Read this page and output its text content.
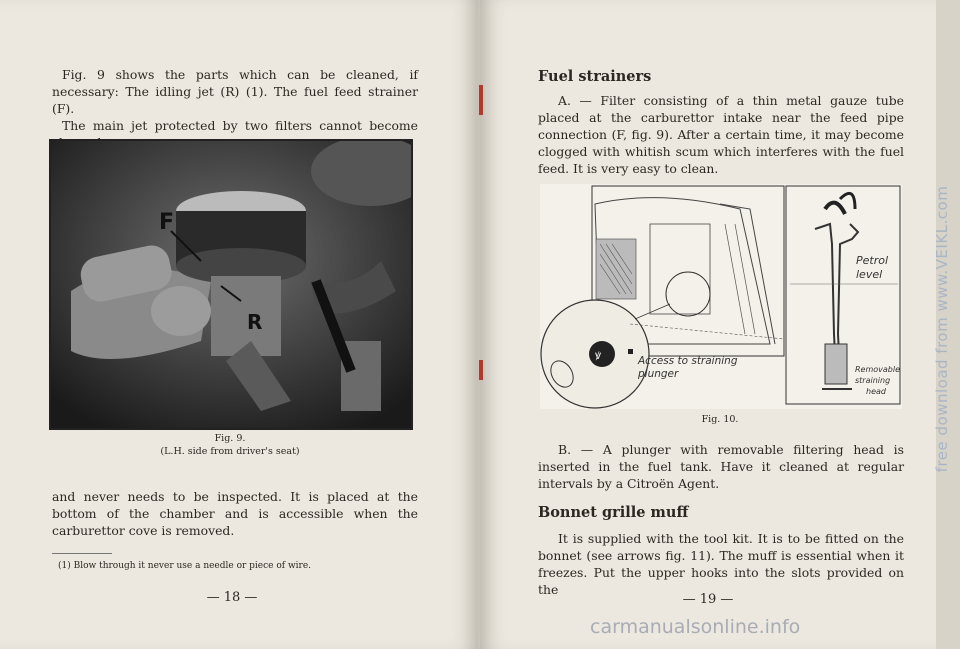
Fig. 9 shows the parts which can be cleaned, if necessary: The idling jet (R) (1). The fuel feed strainer (F).

The main jet protected by two filters cannot become

F
R
Fig. 9.
(L.H. side from driver's seat)

and never needs to be inspected. It is placed at the bottom of the chamber and is accessible when the carburettor cove is removed.

(1) Blow through it never use a needle or piece of wire.

— 18 —
Fuel strainers

A. — Filter consisting of a thin metal gauze tube placed at the carburettor intake near the feed pipe connection (F, fig. 9). After a certain time, it may become clogged with whitish scum which interferes with the fuel feed. It is very easy to clean.

ꝟ	Access to straining
plunger
Petrol
level
Removable
straining
head
Fig. 10.

B. — A plunger with removable filtering head is inserted in the fuel tank. Have it cleaned at regular intervals by a Citroën Agent.

Bonnet grille muff

It is supplied with the tool kit. It is to be fitted on the bonnet (see arrows fig. 11). The muff is essential when it freezes. Put the upper hooks into the slots provided on the

— 19 —
free download from www.VEIKL.com
carmanualsonline.info
